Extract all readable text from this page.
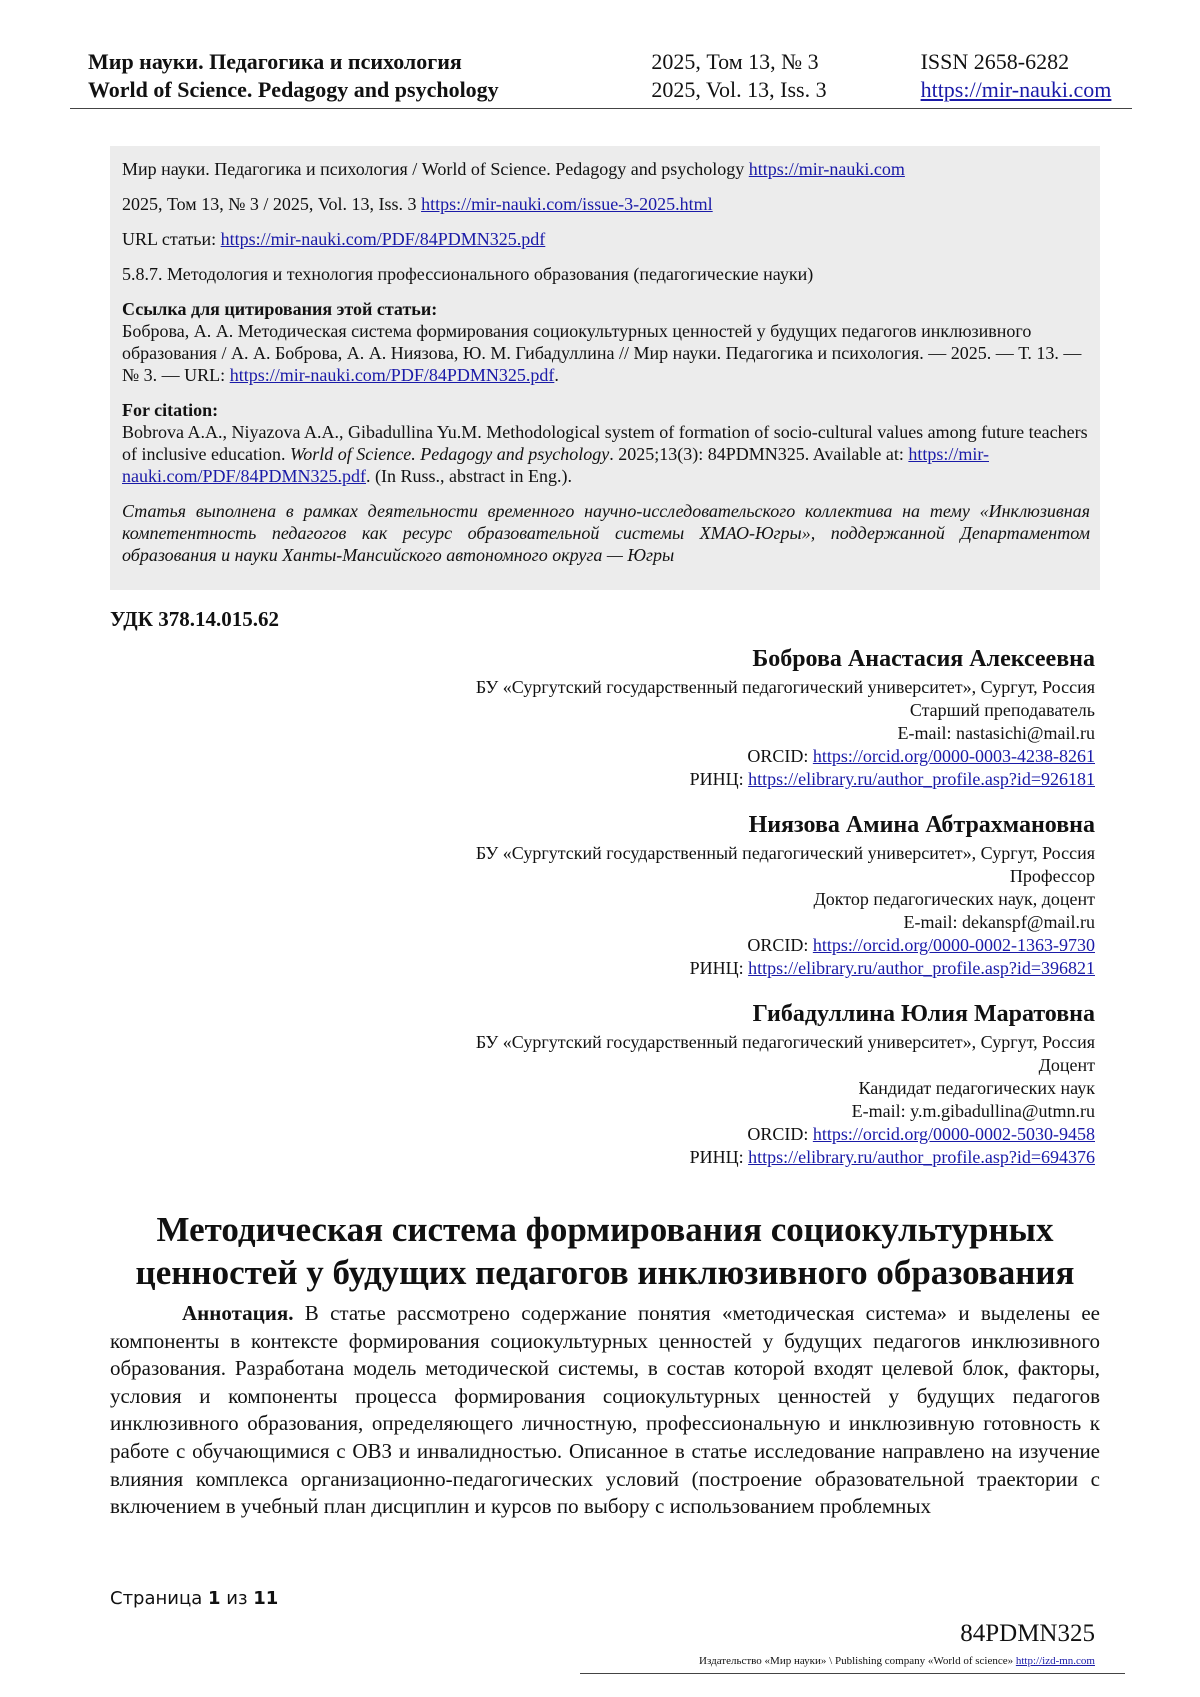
Мир науки. Педагогика и психология	2025, Том 13, № 3	ISSN 2658-6282
World of Science. Pedagogy and psychology	2025, Vol. 13, Iss. 3	https://mir-nauki.com

Мир науки. Педагогика и психология / World of Science. Pedagogy and psychology https://mir-nauki.com

2025, Том 13, № 3 / 2025, Vol. 13, Iss. 3 https://mir-nauki.com/issue-3-2025.html

URL статьи: https://mir-nauki.com/PDF/84PDMN325.pdf

5.8.7. Методология и технология профессионального образования (педагогические науки)

Ссылка для цитирования этой статьи:
Боброва, А. А. Методическая система формирования социокультурных ценностей у будущих педагогов инклюзивного образования / А. А. Боброва, А. А. Ниязова, Ю. М. Гибадуллина // Мир науки. Педагогика и психология. — 2025. — Т. 13. — № 3. — URL: https://mir-nauki.com/PDF/84PDMN325.pdf.
For citation:
Bobrova A.A., Niyazova A.A., Gibadullina Yu.M. Methodological system of formation of socio-cultural values among future teachers of inclusive education. World of Science. Pedagogy and psychology. 2025;13(3): 84PDMN325. Available at: https://mir-nauki.com/PDF/84PDMN325.pdf. (In Russ., abstract in Eng.).

Статья выполнена в рамках деятельности временного научно-исследовательского коллектива на тему «Инклюзивная компетентность педагогов как ресурс образовательной системы ХМАО-Югры», поддержанной Департаментом образования и науки Ханты-Мансийского автономного округа — Югры

УДК 378.14.015.62
Боброва Анастасия Алексеевна
БУ «Сургутский государственный педагогический университет», Сургут, Россия
Старший преподаватель
E-mail: nastasichi@mail.ru
ORCID: https://orcid.org/0000-0003-4238-8261
РИНЦ: https://elibrary.ru/author_profile.asp?id=926181
Ниязова Амина Абтрахмановна
БУ «Сургутский государственный педагогический университет», Сургут, Россия
Профессор
Доктор педагогических наук, доцент
E-mail: dekanspf@mail.ru
ORCID: https://orcid.org/0000-0002-1363-9730
РИНЦ: https://elibrary.ru/author_profile.asp?id=396821
Гибадуллина Юлия Маратовна
БУ «Сургутский государственный педагогический университет», Сургут, Россия
Доцент
Кандидат педагогических наук
E-mail: y.m.gibadullina@utmn.ru
ORCID: https://orcid.org/0000-0002-5030-9458
РИНЦ: https://elibrary.ru/author_profile.asp?id=694376
Методическая система формирования социокультурных ценностей у будущих педагогов инклюзивного образования
Аннотация. В статье рассмотрено содержание понятия «методическая система» и выделены ее компоненты в контексте формирования социокультурных ценностей у будущих педагогов инклюзивного образования. Разработана модель методической системы, в состав которой входят целевой блок, факторы, условия и компоненты процесса формирования социокультурных ценностей у будущих педагогов инклюзивного образования, определяющего личностную, профессиональную и инклюзивную готовность к работе с обучающимися с ОВЗ и инвалидностью. Описанное в статье исследование направлено на изучение влияния комплекса организационно-педагогических условий (построение образовательной траектории с включением в учебный план дисциплин и курсов по выбору с использованием проблемных
Страница 1 из 11
84PDMN325
Издательство «Мир науки» \ Publishing company «World of science» http://izd-mn.com
